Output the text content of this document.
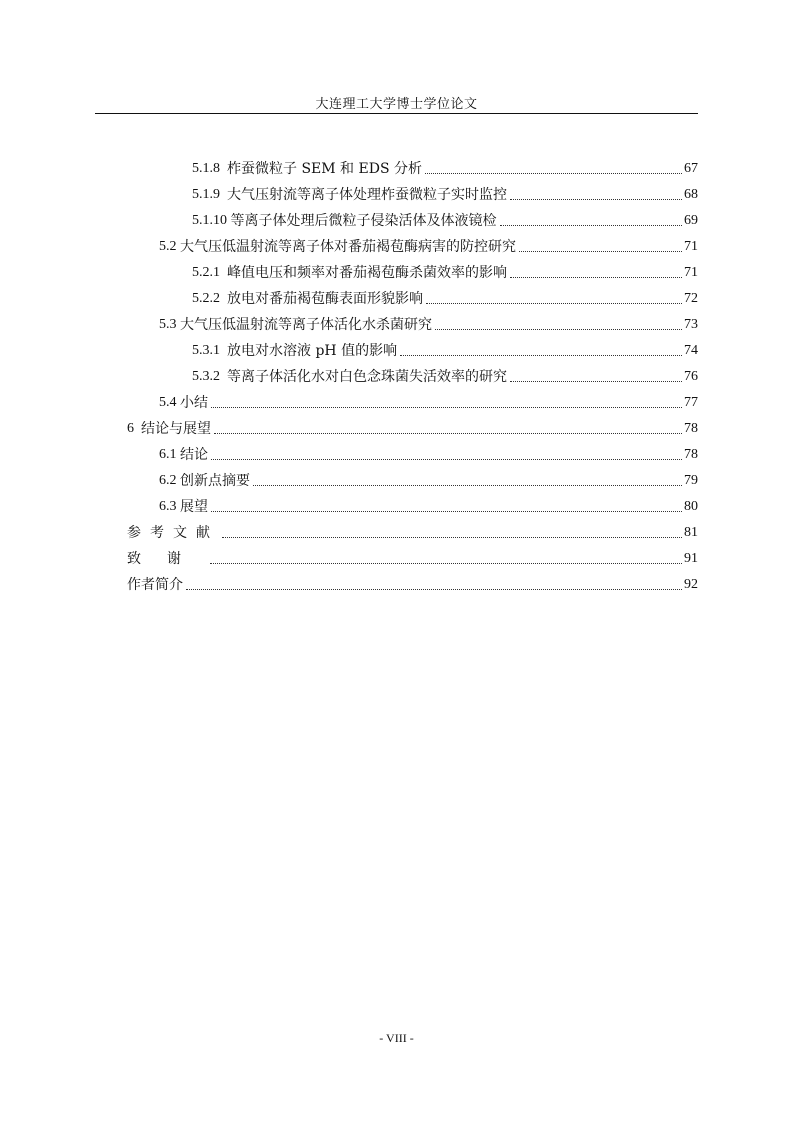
大连理工大学博士学位论文
5.1.8 柞蚕微粒子 SEM 和 EDS 分析	67
5.1.9 大气压射流等离子体处理柞蚕微粒子实时监控	68
5.1.10 等离子体处理后微粒子侵染活体及体液镜检	69
5.2 大气压低温射流等离子体对番茄褐苞酶病害的防控研究	71
5.2.1 峰值电压和频率对番茄褐苞酶杀菌效率的影响	71
5.2.2 放电对番茄褐苞酶表面形貌影响	72
5.3 大气压低温射流等离子体活化水杀菌研究	73
5.3.1 放电对水溶液 pH 值的影响	74
5.3.2 等离子体活化水对白色念珠菌失活效率的研究	76
5.4 小结	77
6 结论与展望	78
6.1 结论	78
6.2 创新点摘要	79
6.3 展望	80
参考文献	81
致谢	91
作者简介	92
- VIII -
